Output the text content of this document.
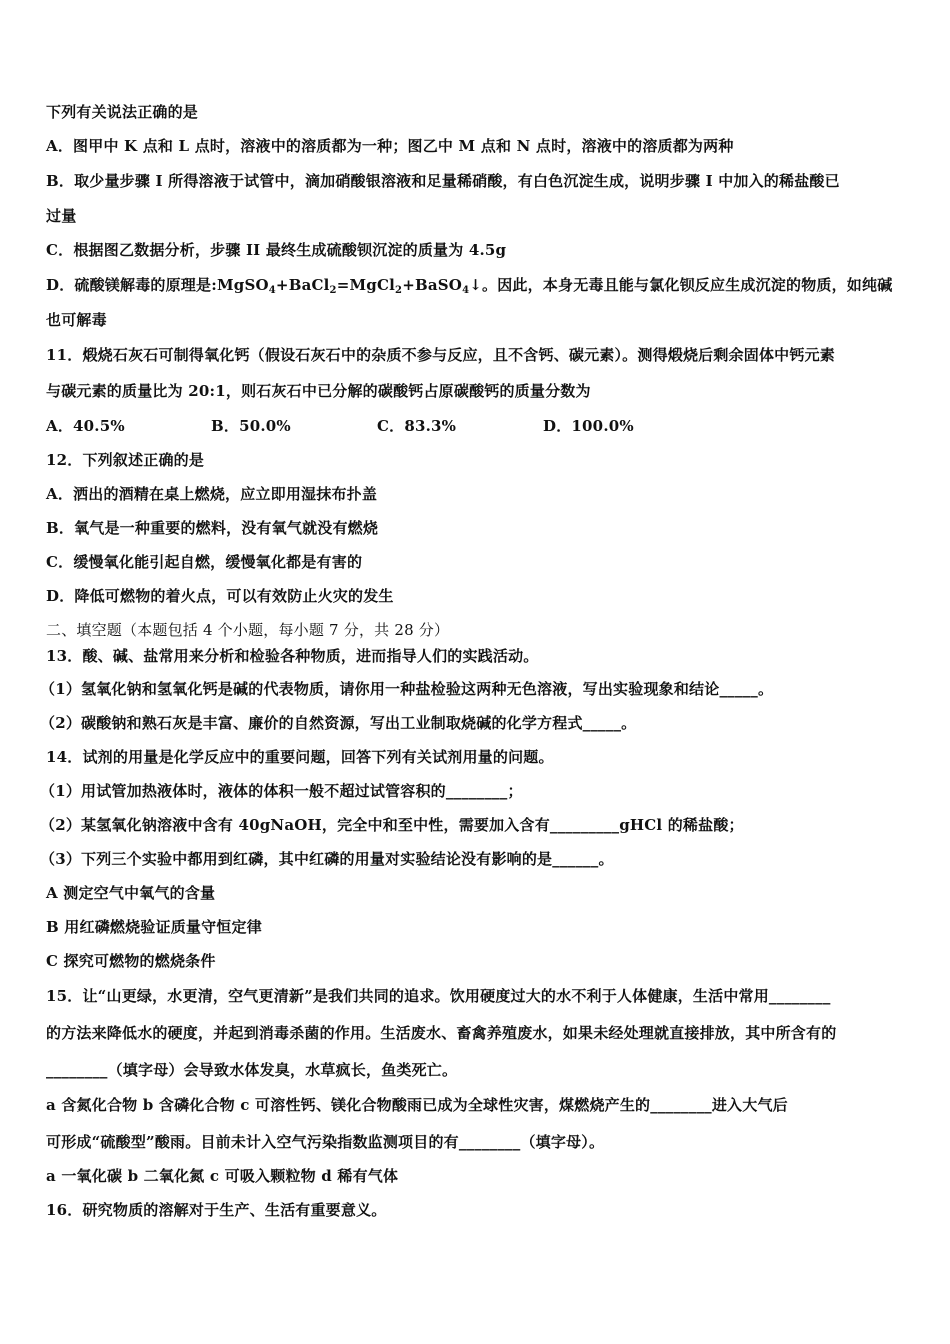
下列有关说法正确的是
A．图甲中 K 点和 L 点时，溶液中的溶质都为一种；图乙中 M 点和 N 点时，溶液中的溶质都为两种
B．取少量步骤 I 所得溶液于试管中，滴加硝酸银溶液和足量稀硝酸，有白色沉淀生成，说明步骤 I 中加入的稀盐酸已
过量
C．根据图乙数据分析，步骤 II 最终生成硫酸钡沉淀的质量为 4.5g
D．硫酸镁解毒的原理是:MgSO$_4$+BaCl$_2$=MgCl$_2$+BaSO$_4$↓。因此，本身无毒且能与氯化钡反应生成沉淀的物质，如纯碱
也可解毒
11．煅烧石灰石可制得氧化钙（假设石灰石中的杂质不参与反应，且不含钙、碳元素）。测得煅烧后剩余固体中钙元素
与碳元素的质量比为 20:1，则石灰石中已分解的碳酸钙占原碳酸钙的质量分数为
A．40.5%	B．50.0%	C．83.3%	D．100.0%
12．下列叙述正确的是
A．洒出的酒精在桌上燃烧，应立即用湿抹布扑盖
B．氧气是一种重要的燃料，没有氧气就没有燃烧
C．缓慢氧化能引起自燃，缓慢氧化都是有害的
D．降低可燃物的着火点，可以有效防止火灾的发生
二、填空题（本题包括 4 个小题，每小题 7 分，共 28 分）
13．酸、碱、盐常用来分析和检验各种物质，进而指导人们的实践活动。
（1）氢氧化钠和氢氧化钙是碱的代表物质，请你用一种盐检验这两种无色溶液，写出实验现象和结论_____。
（2）碳酸钠和熟石灰是丰富、廉价的自然资源，写出工业制取烧碱的化学方程式_____。
14．试剂的用量是化学反应中的重要问题，回答下列有关试剂用量的问题。
（1）用试管加热液体时，液体的体积一般不超过试管容积的________；
（2）某氢氧化钠溶液中含有 40gNaOH，完全中和至中性，需要加入含有_________gHCl 的稀盐酸；
（3）下列三个实验中都用到红磷，其中红磷的用量对实验结论没有影响的是______。
A 测定空气中氧气的含量
B 用红磷燃烧验证质量守恒定律
C 探究可燃物的燃烧条件
15．让“山更绿，水更清，空气更清新”是我们共同的追求。饮用硬度过大的水不利于人体健康，生活中常用________
的方法来降低水的硬度，并起到消毒杀菌的作用。生活废水、畜禽养殖废水，如果未经处理就直接排放，其中所含有的
________（填字母）会导致水体发臭，水草疯长，鱼类死亡。
a 含氮化合物 b 含磷化合物 c 可溶性钙、镁化合物酸雨已成为全球性灾害，煤燃烧产生的________进入大气后
可形成“硫酸型”酸雨。目前未计入空气污染指数监测项目的有________（填字母）。
a 一氧化碳 b 二氧化氮 c 可吸入颗粒物 d 稀有气体
16．研究物质的溶解对于生产、生活有重要意义。
